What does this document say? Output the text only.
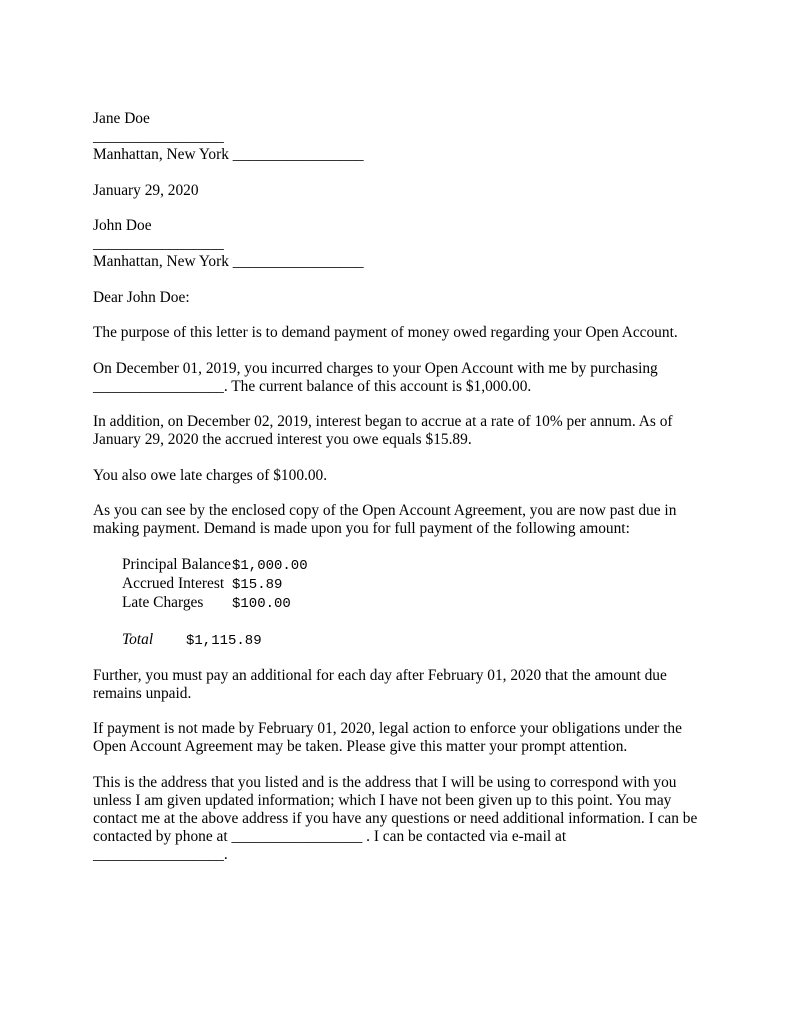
Jane Doe

_________________

Manhattan, New York _________________

January 29, 2020

John Doe

_________________

Manhattan, New York _________________

Dear John Doe:

The purpose of this letter is to demand payment of money owed regarding your Open Account.

On December 01, 2019, you incurred charges to your Open Account with me by purchasing _________________. The current balance of this account is $1,000.00.

In addition, on December 02, 2019, interest began to accrue at a rate of 10% per annum. As of January 29, 2020 the accrued interest you owe equals $15.89.

You also owe late charges of $100.00.

As you can see by the enclosed copy of the Open Account Agreement, you are now past due in making payment. Demand is made upon you for full payment of the following amount:

Principal Balance $1,000.00
Accrued Interest $15.89
Late Charges	$100.00
Total	$1,115.89

Further, you must pay an additional for each day after February 01, 2020 that the amount due remains unpaid.

If payment is not made by February 01, 2020, legal action to enforce your obligations under the Open Account Agreement may be taken. Please give this matter your prompt attention.

This is the address that you listed and is the address that I will be using to correspond with you unless I am given updated information; which I have not been given up to this point. You may contact me at the above address if you have any questions or need additional information. I can be contacted by phone at _________________ . I can be contacted via e-mail at _________________.
